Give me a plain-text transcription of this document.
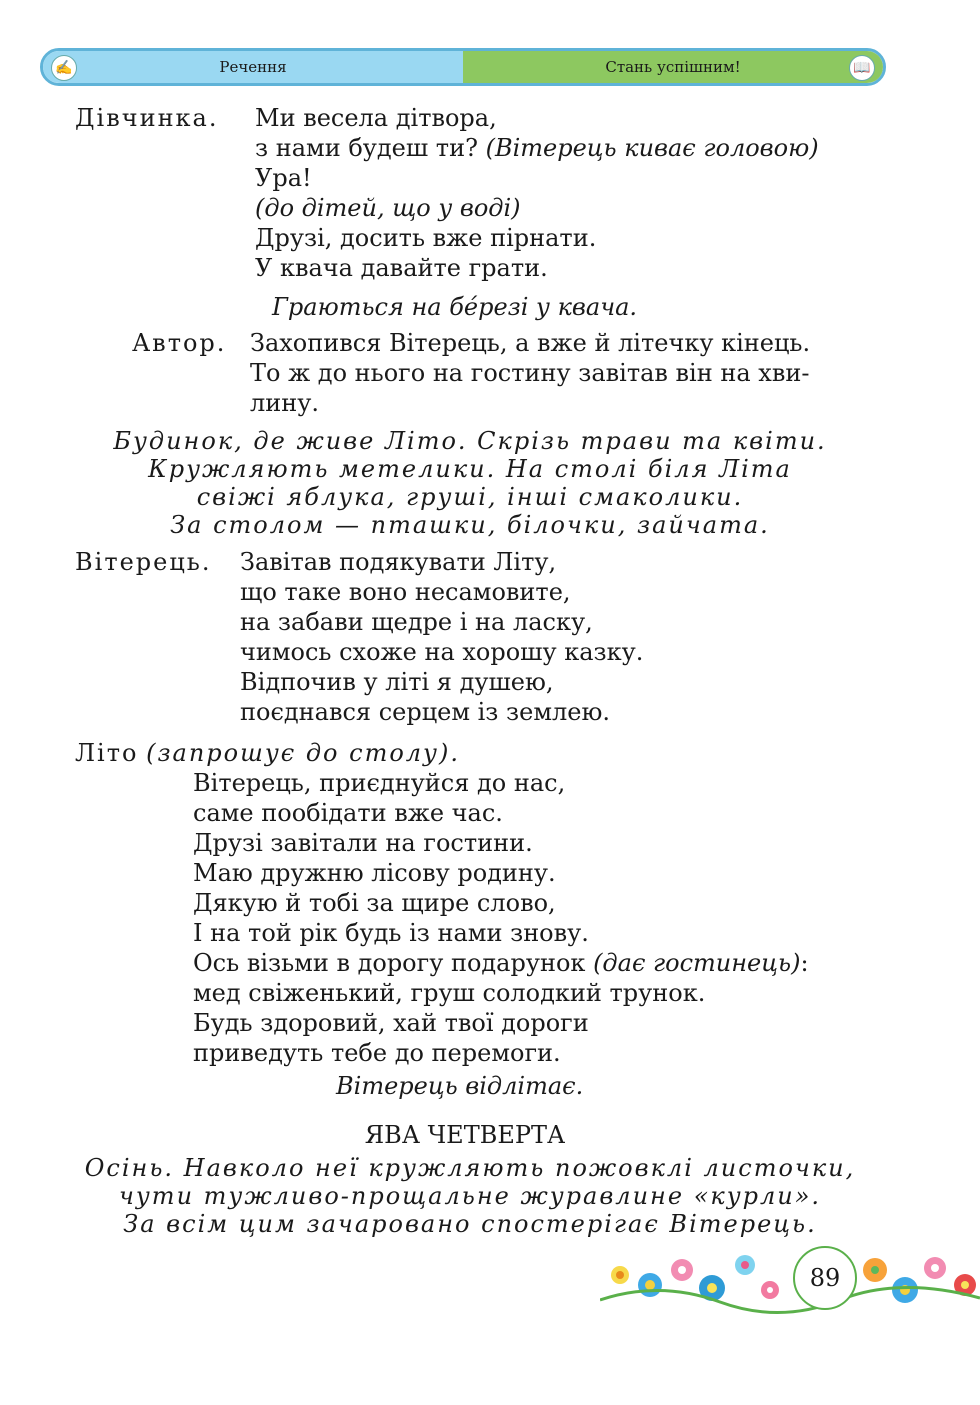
✍	Речення	Стань успішним!	📖
Дівчинка. Ми весела дітвора,
з нами будеш ти? (Вітерець киває головою)
Ура!
(до дітей, що у воді)
Друзі, досить вже пірнати.
У квача давайте грати.
Граються на бéрезі у квача.
Автор. Захопився Вітерець, а вже й літечку кінець.
То ж до нього на гостину завітав він на хви-
лину.
Будинок, де живе Літо. Скрізь трави та квіти.
Кружляють метелики. На столі біля Літа
свіжі яблука, груші, інші смаколики.
За столом — пташки, білочки, зайчата.
Вітерець. Завітав подякувати Літу,
що таке воно несамовите,
на забави щедре і на ласку,
чимось схоже на хорошу казку.
Відпочив у літі я душею,
поєднався серцем із землею.
Літо (запрошує до столу).
Вітерець, приєднуйся до нас,
саме пообідати вже час.
Друзі завітали на гостини.
Маю дружню лісову родину.
Дякую й тобі за щире слово,
І на той рік будь із нами знову.
Ось візьми в дорогу подарунок (дає гостинець):
мед свіженький, груш солодкий трунок.
Будь здоровий, хай твої дороги
приведуть тебе до перемоги.
Вітерець відлітає.
ЯВА ЧЕТВЕРТА
Осінь. Навколо неї кружляють пожовклі листочки,
чути тужливо-прощальне журавлине «курли».
За всім цим зачаровано спостерігає Вітерець.
89
